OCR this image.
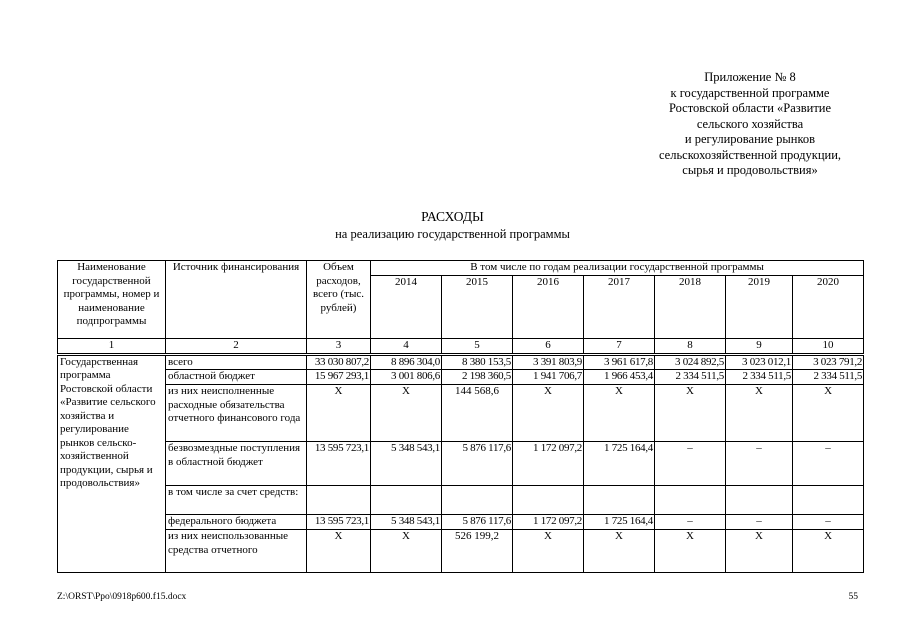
Приложение № 8
к государственной программе
Ростовской области «Развитие
сельского хозяйства
и регулирование рынков
сельскохозяйственной продукции,
сырья и продовольствия»
РАСХОДЫ
на реализацию государственной программы
Наименование государственной программы, номер и наименование подпрограммы	Источник финансирования	Объем расходов, всего (тыс. рублей)	В том числе по годам реализации государственной программы						
			2014	2015	2016	2017	2018	2019	2020
1	2	3	4	5	6	7	8	9	10
Государственная программа Ростовской области «Развитие сельского хозяйства и регулирование рынков сельско-хозяйственной продукции, сырья и продовольствия»	всего	33 030 807,2	8 896 304,0	8 380 153,5	3 391 803,9	3 961 617,8	3 024 892,5	3 023 012,1	3 023 791,2
	областной бюджет	15 967 293,1	3 001 806,6	2 198 360,5	1 941 706,7	1 966 453,4	2 334 511,5	2 334 511,5	2 334 511,5
	из них неисполненные расходные обязательства отчетного финансового года	X	X	144 568,6	X	X	X	X	X
	безвозмездные поступления в областной бюджет	13 595 723,1	5 348 543,1	5 876 117,6	1 172 097,2	1 725 164,4	–	–	–
	в том числе за счет средств:								
	федерального бюджета	13 595 723,1	5 348 543,1	5 876 117,6	1 172 097,2	1 725 164,4	–	–	–
	из них неиспользованные средства отчетного	X	X	526 199,2	X	X	X	X	X
Z:\ORST\Ppo\0918p600.f15.docx	55
